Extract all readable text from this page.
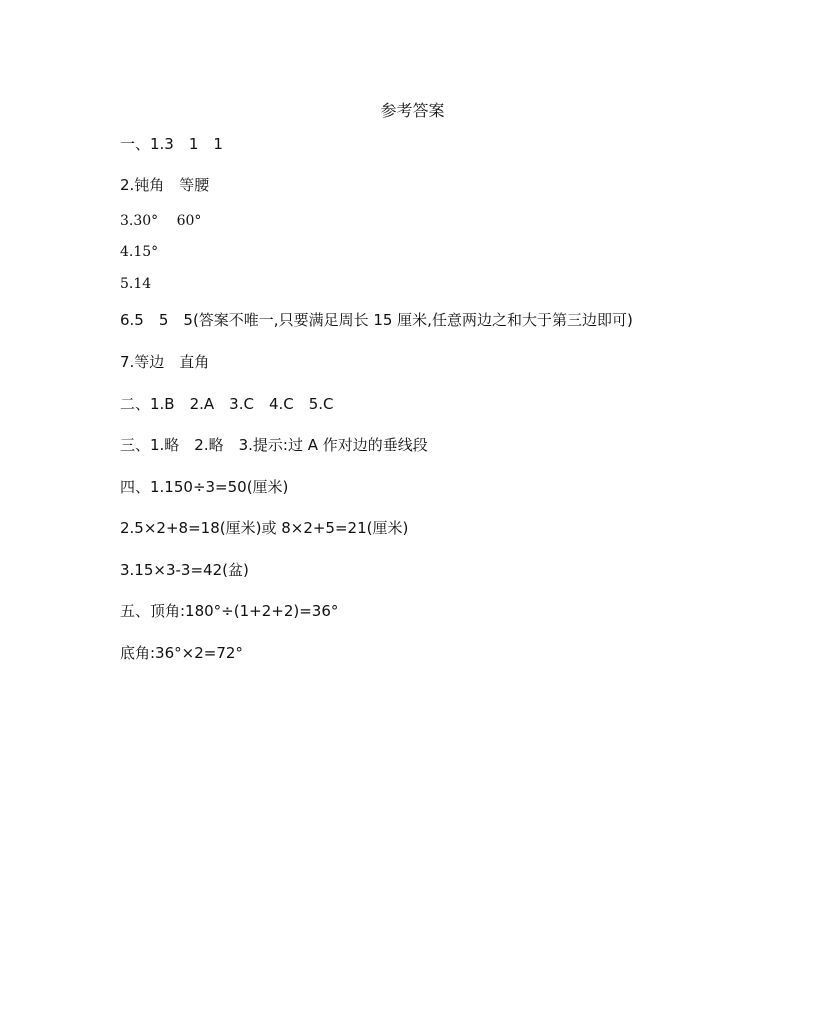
参考答案
一、1.3　1　1
2.钝角　等腰
3.30°　 60°
4.15°
5.14
6.5　5　5(答案不唯一,只要满足周长 15 厘米,任意两边之和大于第三边即可)
7.等边　直角
二、1.B　2.A　3.C　4.C　5.C
三、1.略　2.略　3.提示:过 A 作对边的垂线段
四、1.150÷3=50(厘米)
2.5×2+8=18(厘米)或 8×2+5=21(厘米)
3.15×3-3=42(盆)
五、顶角:180°÷(1+2+2)=36°
底角:36°×2=72°
